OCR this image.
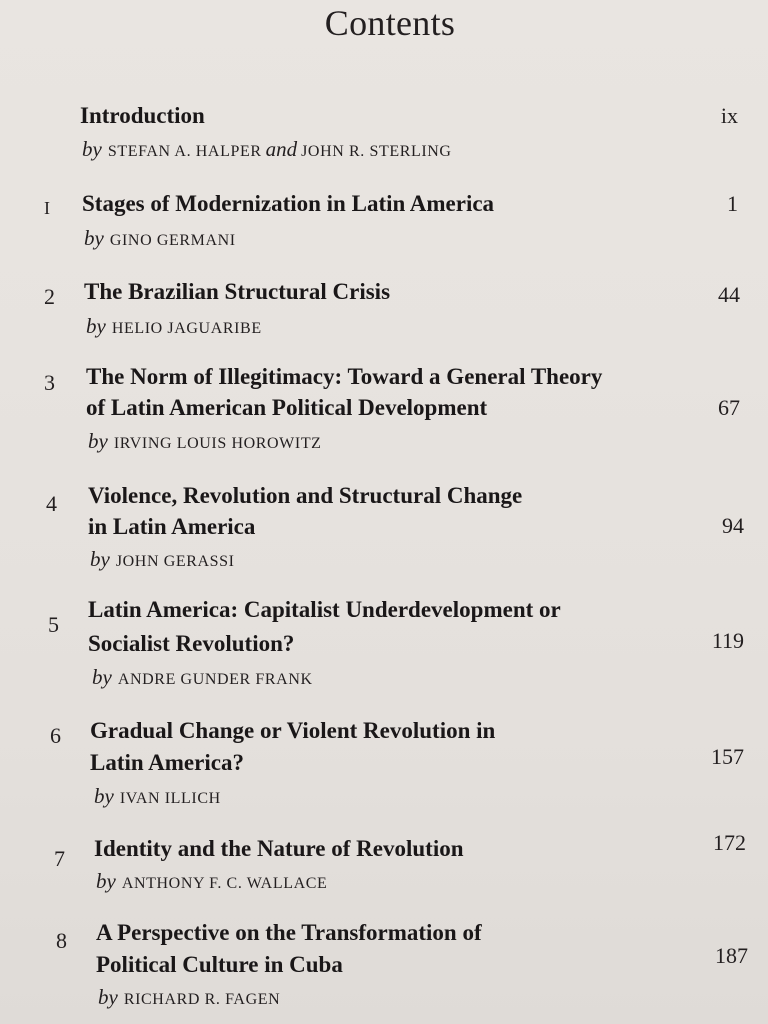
Contents
Introduction
by STEFAN A. HALPER and JOHN R. STERLING
ix
I Stages of Modernization in Latin America
by GINO GERMANI
1
2 The Brazilian Structural Crisis
by HELIO JAGUARIBE
44
3 The Norm of Illegitimacy: Toward a General Theory
of Latin American Political Development
by IRVING LOUIS HOROWITZ
67
4 Violence, Revolution and Structural Change
in Latin America
by JOHN GERASSI
94
5
Latin America: Capitalist Underdevelopment or
Socialist Revolution?
by ANDRE GUNDER FRANK
119
6 Gradual Change or Violent Revolution in
Latin America?
by IVAN ILLICH
157
7 Identity and the Nature of Revolution
by ANTHONY F. C. WALLACE
172
8 A Perspective on the Transformation of
Political Culture in Cuba
by RICHARD R. FAGEN
187
